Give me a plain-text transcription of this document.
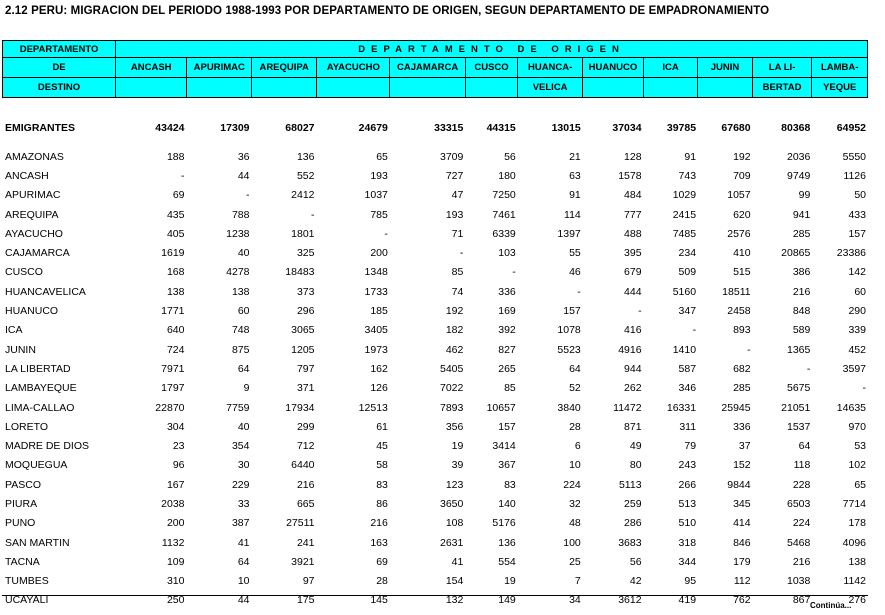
2.12 PERU: MIGRACION DEL PERIODO 1988-1993 POR DEPARTAMENTO DE ORIGEN, SEGUN DEPARTAMENTO DE EMPADRONAMIENTO
DEPARTAMENTO	DEPARTAMENTO DE ORIGEN											
DE	ANCASH	APURIMAC	AREQUIPA	AYACUCHO	CAJAMARCA	CUSCO	HUANCA-	HUANUCO	ICA	JUNIN	LA LI-	LAMBA-
DESTINO							VELICA				BERTAD	YEQUE
EMIGRANTES	43424	17309	68027	24679	33315	44315	13015	37034	39785	67680	80368	64952
AMAZONAS	188	36	136	65	3709	56	21	128	91	192	2036	5550
ANCASH	-	44	552	193	727	180	63	1578	743	709	9749	1126
APURIMAC	69	-	2412	1037	47	7250	91	484	1029	1057	99	50
AREQUIPA	435	788	-	785	193	7461	114	777	2415	620	941	433
AYACUCHO	405	1238	1801	-	71	6339	1397	488	7485	2576	285	157
CAJAMARCA	1619	40	325	200	-	103	55	395	234	410	20865	23386
CUSCO	168	4278	18483	1348	85	-	46	679	509	515	386	142
HUANCAVELICA	138	138	373	1733	74	336	-	444	5160	18511	216	60
HUANUCO	1771	60	296	185	192	169	157	-	347	2458	848	290
ICA	640	748	3065	3405	182	392	1078	416	-	893	589	339
JUNIN	724	875	1205	1973	462	827	5523	4916	1410	-	1365	452
LA LIBERTAD	7971	64	797	162	5405	265	64	944	587	682	-	3597
LAMBAYEQUE	1797	9	371	126	7022	85	52	262	346	285	5675	-
LIMA-CALLAO	22870	7759	17934	12513	7893	10657	3840	11472	16331	25945	21051	14635
LORETO	304	40	299	61	356	157	28	871	311	336	1537	970
MADRE DE DIOS	23	354	712	45	19	3414	6	49	79	37	64	53
MOQUEGUA	96	30	6440	58	39	367	10	80	243	152	118	102
PASCO	167	229	216	83	123	83	224	5113	266	9844	228	65
PIURA	2038	33	665	86	3650	140	32	259	513	345	6503	7714
PUNO	200	387	27511	216	108	5176	48	286	510	414	224	178
SAN MARTIN	1132	41	241	163	2631	136	100	3683	318	846	5468	4096
TACNA	109	64	3921	69	41	554	25	56	344	179	216	138
TUMBES	310	10	97	28	154	19	7	42	95	112	1038	1142
UCAYALI	250	44	175	145	132	149	34	3612	419	762	867	276
Continúa...
